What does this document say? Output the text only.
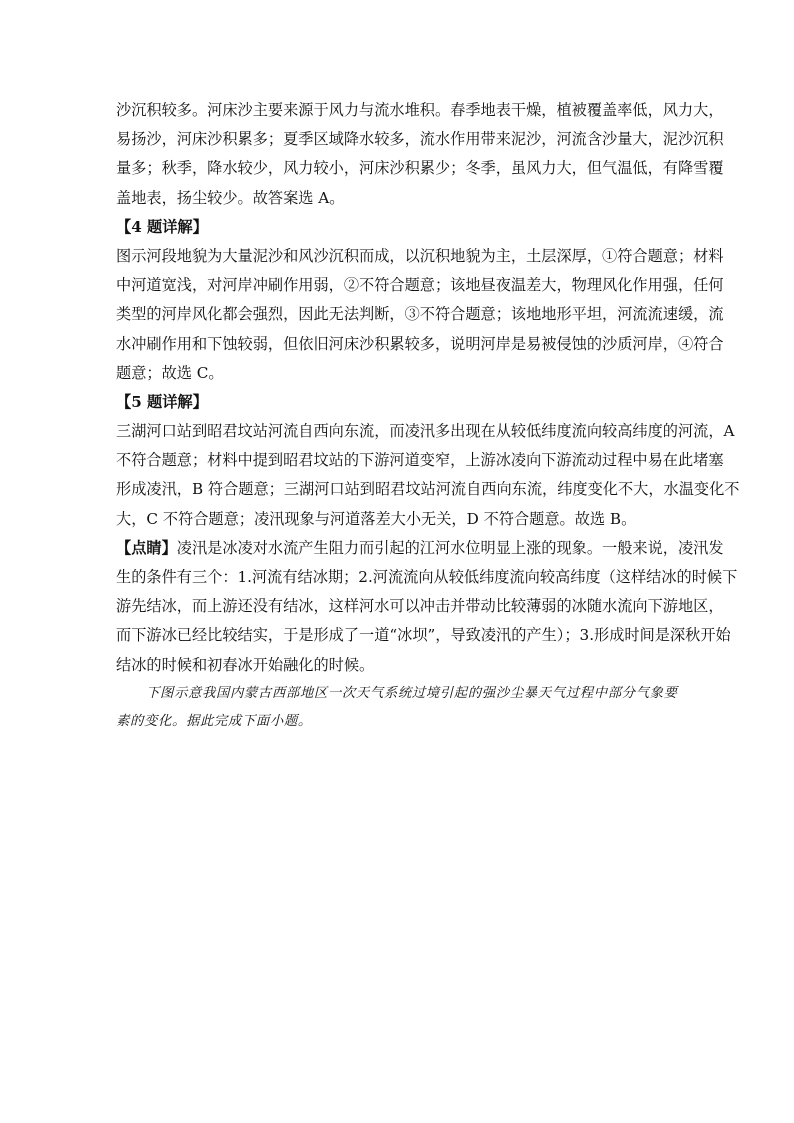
沙沉积较多。河床沙主要来源于风力与流水堆积。春季地表干燥，植被覆盖率低，风力大，
易扬沙，河床沙积累多；夏季区域降水较多，流水作用带来泥沙，河流含沙量大，泥沙沉积
量多；秋季，降水较少，风力较小，河床沙积累少；冬季，虽风力大，但气温低，有降雪覆
盖地表，扬尘较少。故答案选 A。
【4 题详解】
图示河段地貌为大量泥沙和风沙沉积而成，以沉积地貌为主，土层深厚，①符合题意；材料
中河道宽浅，对河岸冲刷作用弱，②不符合题意；该地昼夜温差大，物理风化作用强，任何
类型的河岸风化都会强烈，因此无法判断，③不符合题意；该地地形平坦，河流流速缓，流
水冲刷作用和下蚀较弱，但依旧河床沙积累较多，说明河岸是易被侵蚀的沙质河岸，④符合
题意；故选 C。
【5 题详解】
三湖河口站到昭君坟站河流自西向东流，而凌汛多出现在从较低纬度流向较高纬度的河流，A
不符合题意；材料中提到昭君坟站的下游河道变窄，上游冰凌向下游流动过程中易在此堵塞
形成凌汛，B 符合题意；三湖河口站到昭君坟站河流自西向东流，纬度变化不大，水温变化不
大，C 不符合题意；凌汛现象与河道落差大小无关，D 不符合题意。故选 B。
【点睛】凌汛是冰凌对水流产生阻力而引起的江河水位明显上涨的现象。一般来说，凌汛发
生的条件有三个：1.河流有结冰期；2.河流流向从较低纬度流向较高纬度（这样结冰的时候下
游先结冰，而上游还没有结冰，这样河水可以冲击并带动比较薄弱的冰随水流向下游地区，
而下游冰已经比较结实，于是形成了一道“冰坝”，导致凌汛的产生）；3.形成时间是深秋开始
结冰的时候和初春冰开始融化的时候。
下图示意我国内蒙古西部地区一次天气系统过境引起的强沙尘暴天气过程中部分气象要
素的变化。据此完成下面小题。
